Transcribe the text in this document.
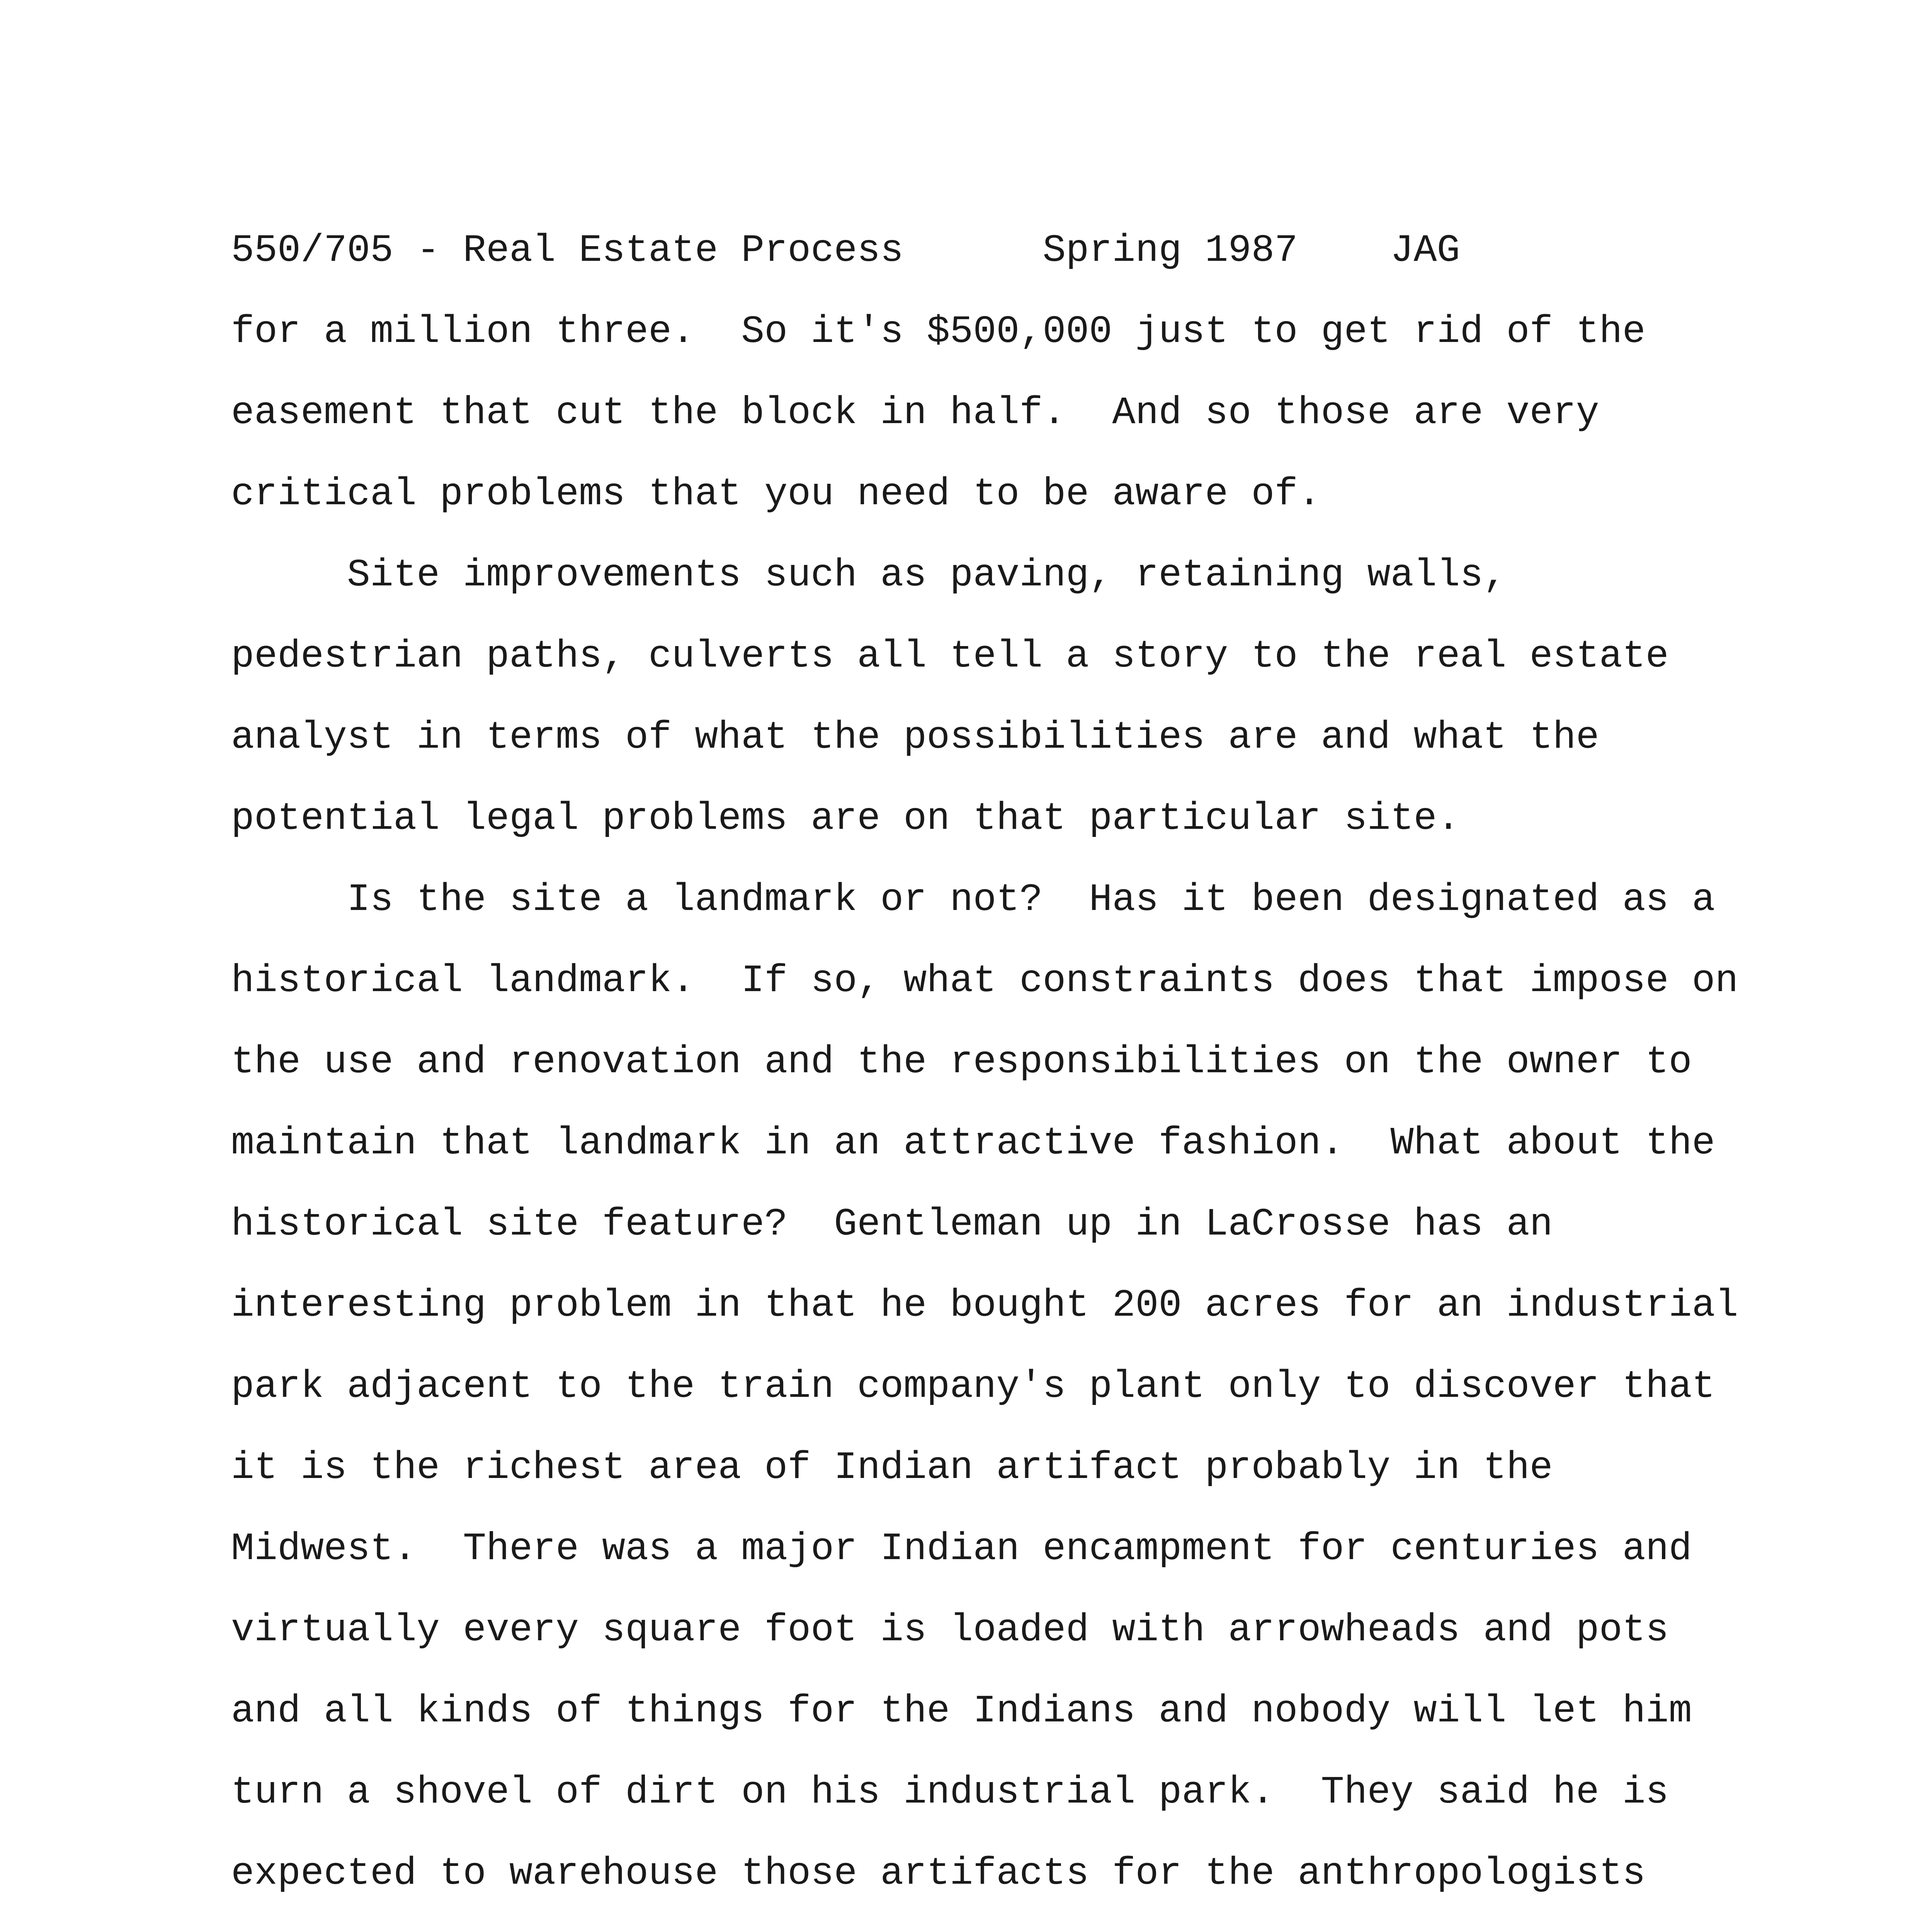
550/705 - Real Estate Process      Spring 1987    JAG
for a million three.  So it's $500,000 just to get rid of the
easement that cut the block in half.  And so those are very
critical problems that you need to be aware of.
Site improvements such as paving, retaining walls,
pedestrian paths, culverts all tell a story to the real estate
analyst in terms of what the possibilities are and what the
potential legal problems are on that particular site.
Is the site a landmark or not?  Has it been designated as a
historical landmark.  If so, what constraints does that impose on
the use and renovation and the responsibilities on the owner to
maintain that landmark in an attractive fashion.  What about the
historical site feature?  Gentleman up in LaCrosse has an
interesting problem in that he bought 200 acres for an industrial
park adjacent to the train company's plant only to discover that
it is the richest area of Indian artifact probably in the
Midwest.  There was a major Indian encampment for centuries and
virtually every square foot is loaded with arrowheads and pots
and all kinds of things for the Indians and nobody will let him
turn a shovel of dirt on his industrial park.  They said he is
expected to warehouse those artifacts for the anthropologists
